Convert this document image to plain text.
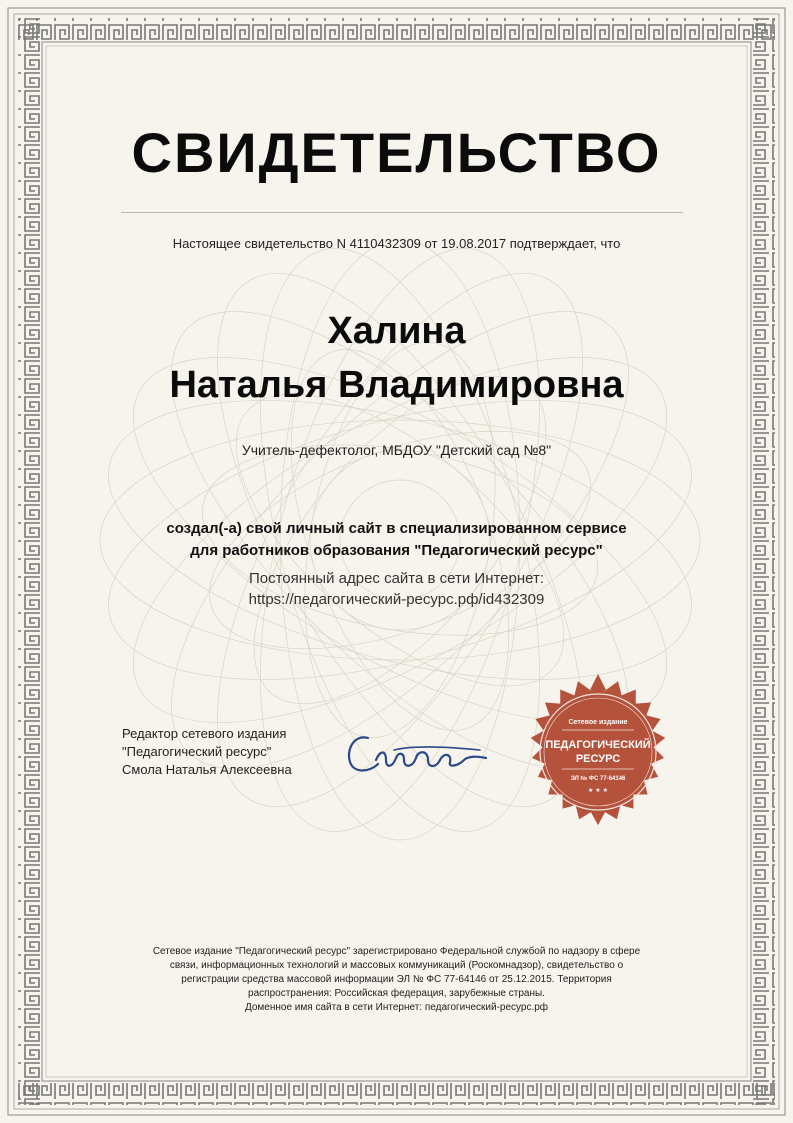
СВИДЕТЕЛЬСТВО
Настоящее свидетельство N 4110432309 от 19.08.2017 подтверждает, что
Халина
Наталья Владимировна
Учитель-дефектолог, МБДОУ "Детский сад №8"
создал(-а) свой личный сайт в специализированном сервисе
для работников образования "Педагогический ресурс"
Постоянный адрес сайта в сети Интернет:
https://педагогический-ресурс.рф/id432309
Редактор сетевого издания
"Педагогический ресурс"
Смола Наталья Алексеевна
Сетевое издание
ПЕДАГОГИЧЕСКИЙ
РЕСУРС
ЭЛ № ФС 77-64146
★ ★ ★
Сетевое издание "Педагогический ресурс" зарегистрировано Федеральной службой по надзору в сфере
связи, информационных технологий и массовых коммуникаций (Роскомнадзор), свидетельство о
регистрации средства массовой информации ЭЛ № ФС 77-64146 от 25.12.2015. Территория
распространения: Российская федерация, зарубежные страны.
Доменное имя сайта в сети Интернет: педагогический-ресурс.рф
